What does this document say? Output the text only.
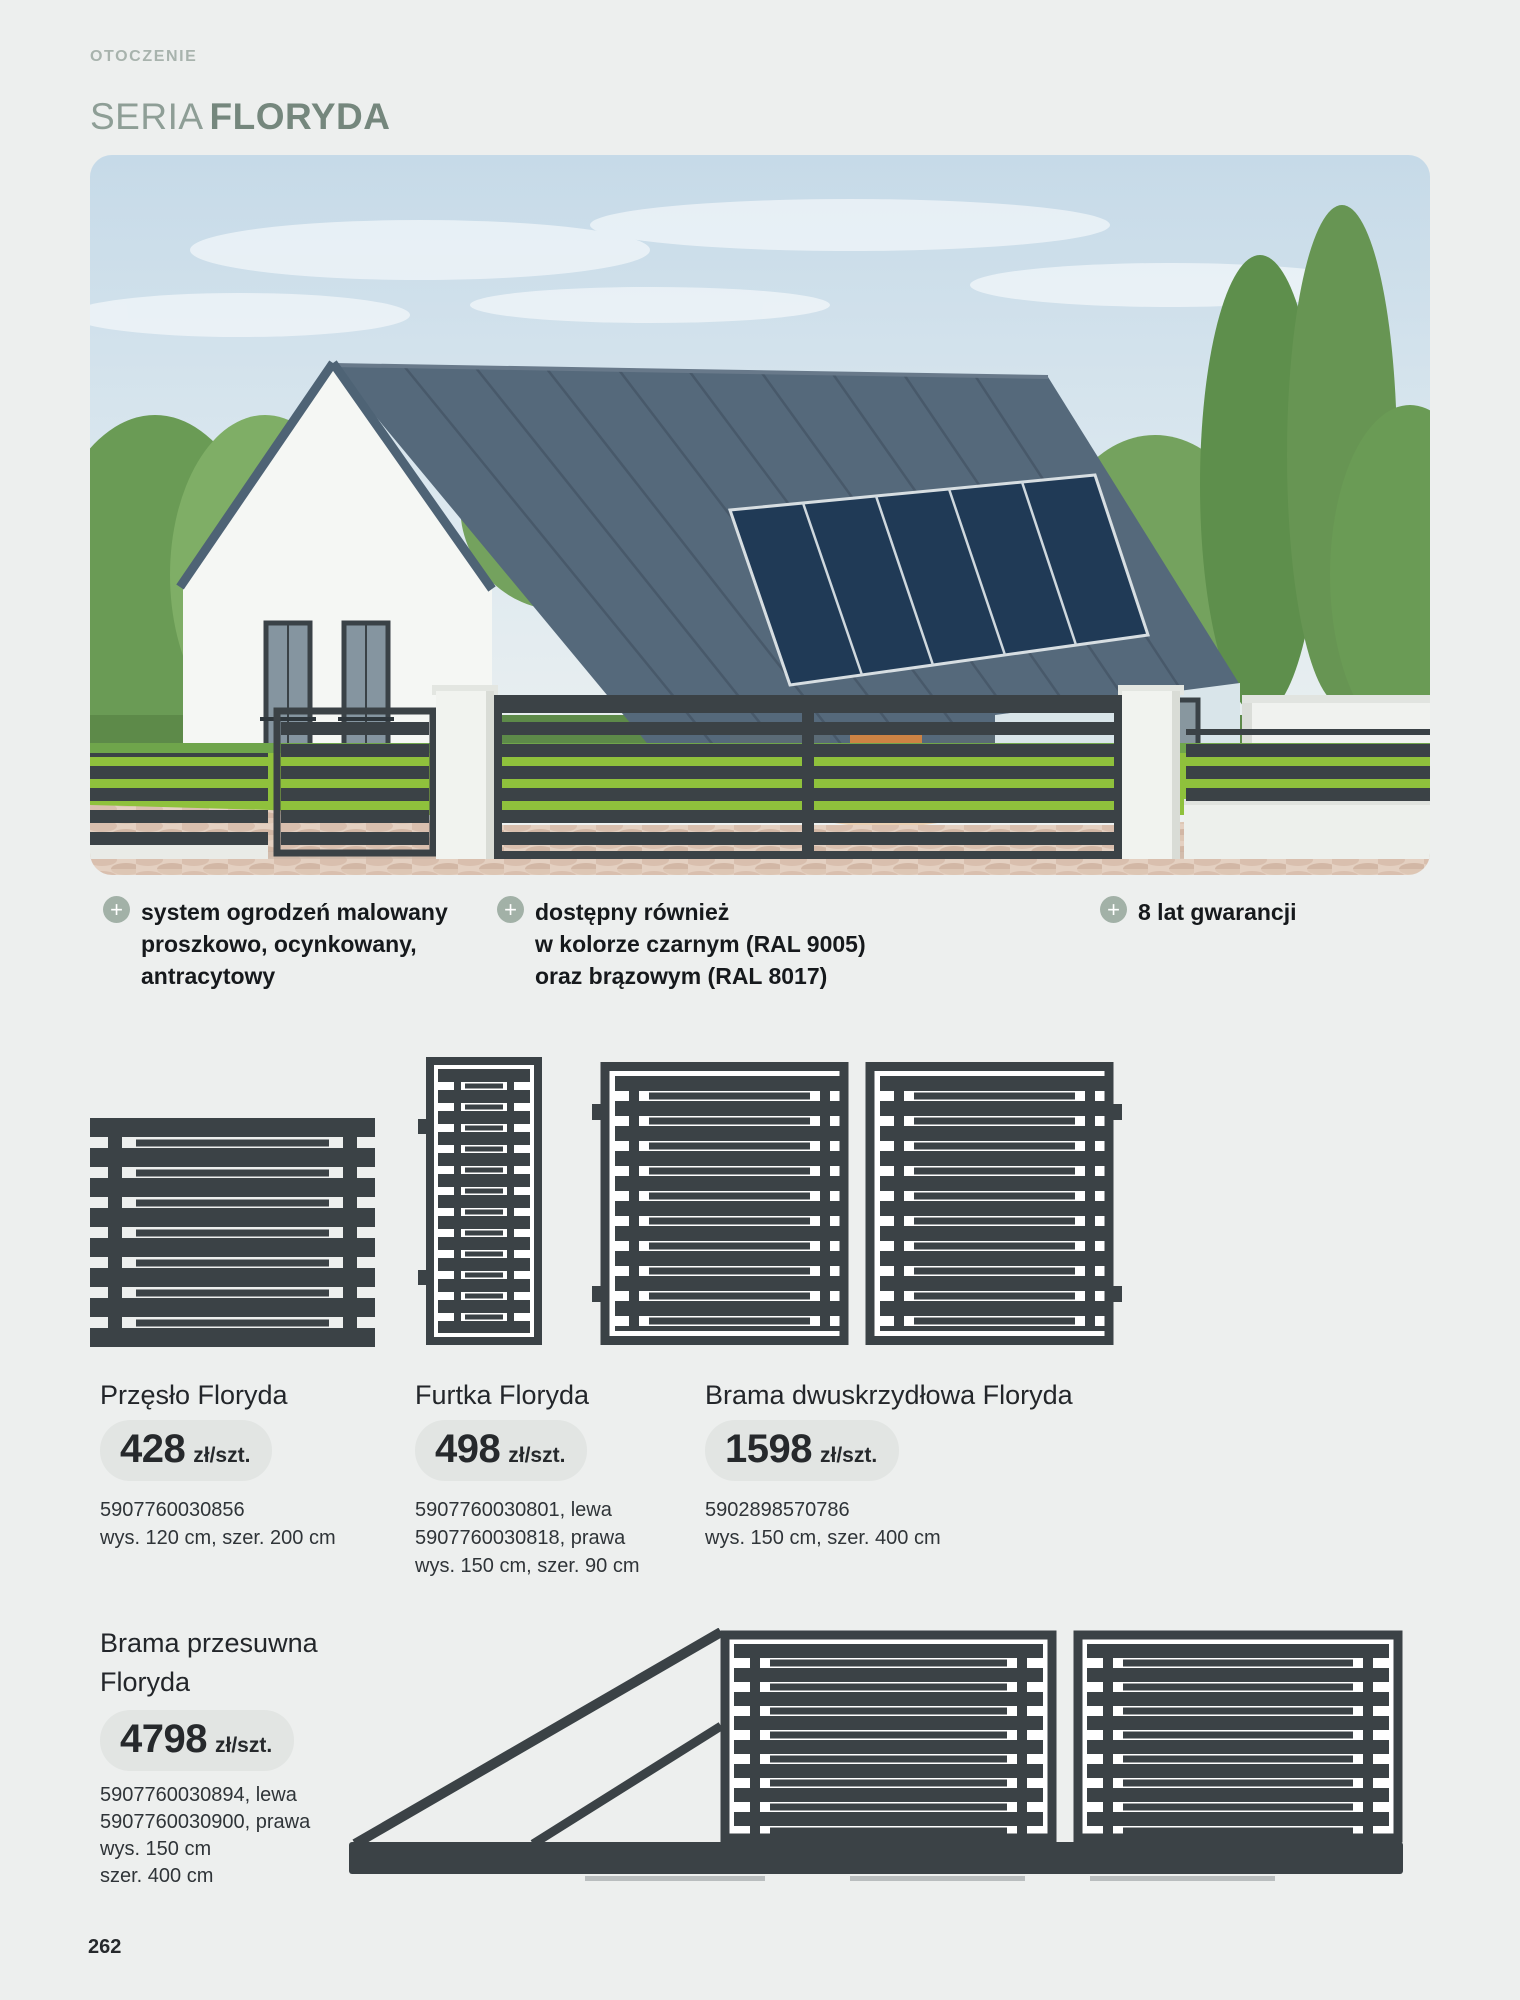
OTOCZENIE
SERIA FLORYDA
+ system ogrodzeń malowany
proszkowo, ocynkowany,
antracytowy
+ dostępny również
w kolorze czarnym (RAL 9005)
oraz brązowym (RAL 8017)
+ 8 lat gwarancji
Przęsło Floryda
428 zł/szt.
5907760030856
wys. 120 cm, szer. 200 cm
Furtka Floryda
498 zł/szt.
5907760030801, lewa
5907760030818, prawa
wys. 150 cm, szer. 90 cm
Brama dwuskrzydłowa Floryda
1598 zł/szt.
5902898570786
wys. 150 cm, szer. 400 cm
Brama przesuwna
Floryda
4798 zł/szt.
5907760030894, lewa
5907760030900, prawa
wys. 150 cm
szer. 400 cm
262
